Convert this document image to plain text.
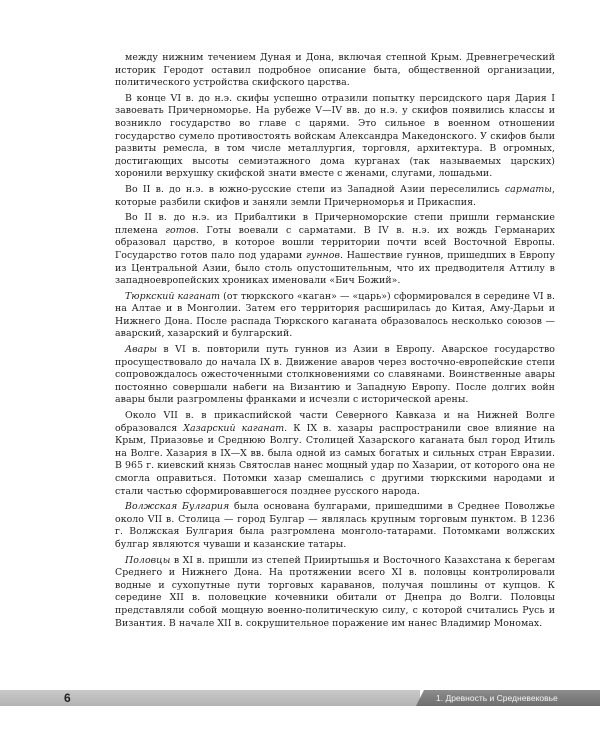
между нижним течением Дуная и Дона, включая степной Крым. Древнегреческий историк Геродот оставил подробное описание быта, общественной организации, политического устройства скифского царства.

В конце VI в. до н.э. скифы успешно отразили попытку персидского царя Дария I завоевать Причерноморье. На рубеже V—IV вв. до н.э. у скифов появились классы и возникло государство во главе с царями. Это сильное в военном отношении государство сумело противостоять войскам Александра Македонского. У скифов были развиты ремесла, в том числе металлургия, торговля, архитектура. В огромных, достигающих высоты семиэтажного дома курганах (так называемых царских) хоронили верхушку скифской знати вместе с женами, слугами, лошадьми.

Во II в. до н.э. в южно-русские степи из Западной Азии переселились сарматы, которые разбили скифов и заняли земли Причерноморья и Прикаспия.

Во II в. до н.э. из Прибалтики в Причерноморские степи пришли германские племена готов. Готы воевали с сарматами. В IV в. н.э. их вождь Германарих образовал царство, в которое вошли территории почти всей Восточной Европы. Государство готов пало под ударами гуннов. Нашествие гуннов, пришедших в Европу из Центральной Азии, было столь опустошительным, что их предводителя Аттилу в западноевропейских хрониках именовали «Бич Божий».

Тюркский каганат (от тюркского «каган» — «царь») сформировался в середине VI в. на Алтае и в Монголии. Затем его территория расширилась до Китая, Аму-Дарьи и Нижнего Дона. После распада Тюркского каганата образовалось несколько союзов — аварский, хазарский и булгарский.

Авары в VI в. повторили путь гуннов из Азии в Европу. Аварское государство просуществовало до начала IX в. Движение аваров через восточно-европейские степи сопровождалось ожесточенными столкновениями со славянами. Воинственные авары постоянно совершали набеги на Византию и Западную Европу. После долгих войн авары были разгромлены франками и исчезли с исторической арены.

Около VII в. в прикаспийской части Северного Кавказа и на Нижней Волге образовался Хазарский каганат. К IX в. хазары распространили свое влияние на Крым, Приазовье и Среднюю Волгу. Столицей Хазарского каганата был город Итиль на Волге. Хазария в IX—X вв. была одной из самых богатых и сильных стран Евразии. В 965 г. киевский князь Святослав нанес мощный удар по Хазарии, от которого она не смогла оправиться. Потомки хазар смешались с другими тюркскими народами и стали частью сформировавшегося позднее русского народа.

Волжская Булгария была основана булгарами, пришедшими в Среднее Поволжье около VII в. Столица — город Булгар — являлась крупным торговым пунктом. В 1236 г. Волжская Булгария была разгромлена монголо-татарами. Потомками волжских булгар являются чуваши и казанские татары.

Половцы в XI в. пришли из степей Прииртышья и Восточного Казахстана к берегам Среднего и Нижнего Дона. На протяжении всего XI в. половцы контролировали водные и сухопутные пути торговых караванов, получая пошлины от купцов. К середине XII в. половецкие кочевники обитали от Днепра до Волги. Половцы представляли собой мощную военно-политическую силу, с которой считались Русь и Византия. В начале XII в. сокрушительное поражение им нанес Владимир Мономах.

6	1. Древность и Средневековье
